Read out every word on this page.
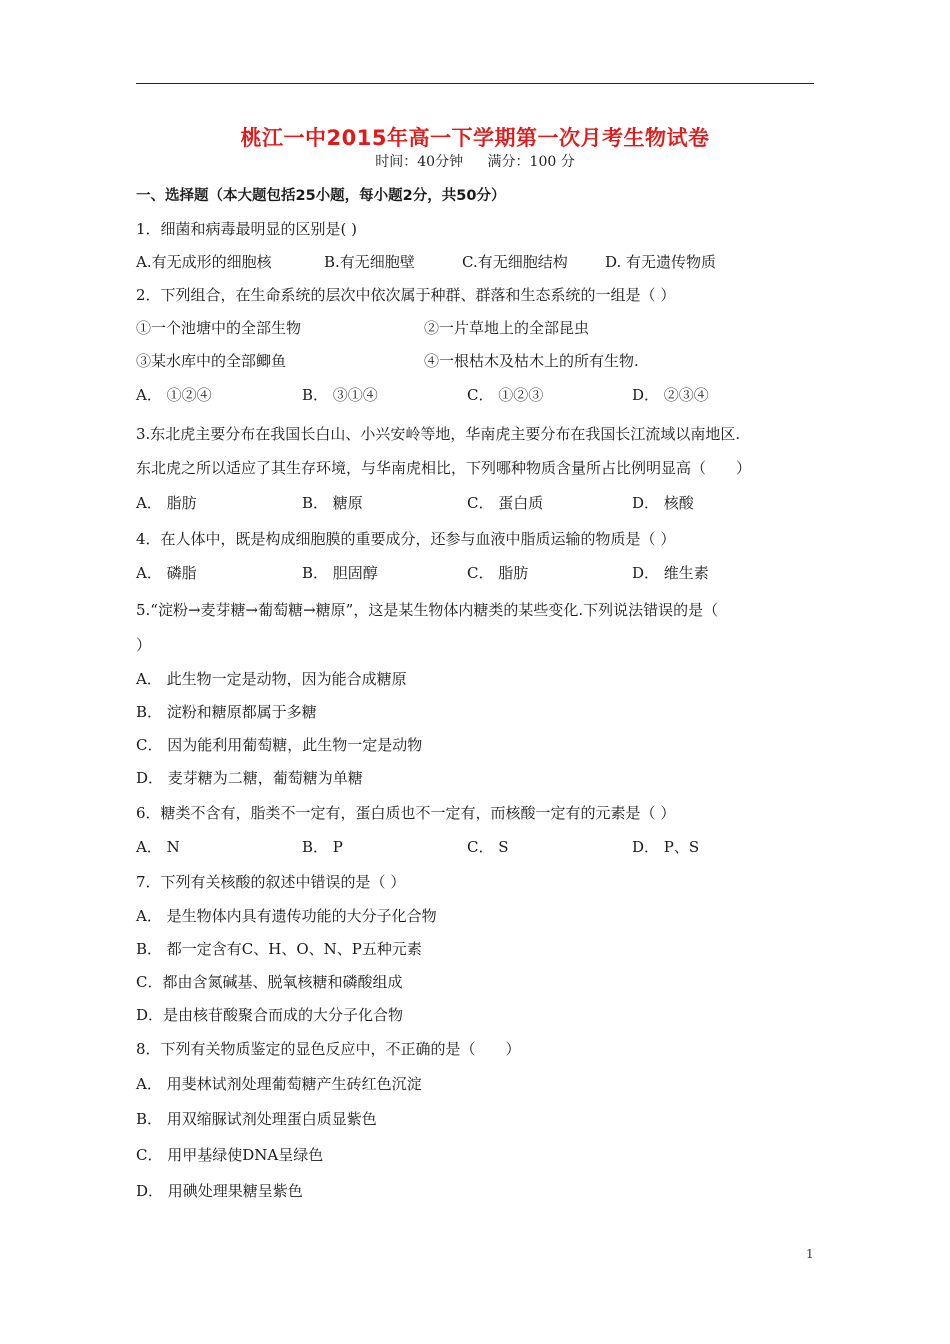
桃江一中2015年高一下学期第一次月考生物试卷
时间：40分钟 满分：100 分
一、选择题（本大题包括25小题，每小题2分，共50分）
1．细菌和病毒最明显的区别是( )
A.有无成形的细胞核	B.有无细胞壁	C.有无细胞结构 D. 有无遗传物质
2．下列组合，在生命系统的层次中依次属于种群、群落和生态系统的一组是（ ）
①一个池塘中的全部生物	②一片草地上的全部昆虫
③某水库中的全部鲫鱼	④一根枯木及枯木上的所有生物.
A． ①②④	B． ③①④	C． ①②③	D． ②③④
3.东北虎主要分布在我国长白山、小兴安岭等地，华南虎主要分布在我国长江流域以南地区.
东北虎之所以适应了其生存环境，与华南虎相比，下列哪种物质含量所占比例明显高（　　）
A． 脂肪	B． 糖原	C． 蛋白质	D． 核酸
4．在人体中，既是构成细胞膜的重要成分，还参与血液中脂质运输的物质是（ ）
A． 磷脂	B． 胆固醇	C． 脂肪	D． 维生素
5.“淀粉→麦芽糖→葡萄糖→糖原”，这是某生物体内糖类的某些变化.下列说法错误的是（
）
A． 此生物一定是动物，因为能合成糖原
B． 淀粉和糖原都属于多糖
C． 因为能利用葡萄糖，此生物一定是动物
D． 麦芽糖为二糖，葡萄糖为单糖
6．糖类不含有，脂类不一定有，蛋白质也不一定有，而核酸一定有的元素是（ ）
A． N	B． P	C． S	D． P、S
7．下列有关核酸的叙述中错误的是（ ）
A． 是生物体内具有遗传功能的大分子化合物
B． 都一定含有C、H、O、N、P五种元素
C．都由含氮碱基、脱氧核糖和磷酸组成
D．是由核苷酸聚合而成的大分子化合物
8．下列有关物质鉴定的显色反应中，不正确的是（　　）
A． 用斐林试剂处理葡萄糖产生砖红色沉淀
B． 用双缩脲试剂处理蛋白质显紫色
C． 用甲基绿使DNA呈绿色
D． 用碘处理果糖呈紫色
1
